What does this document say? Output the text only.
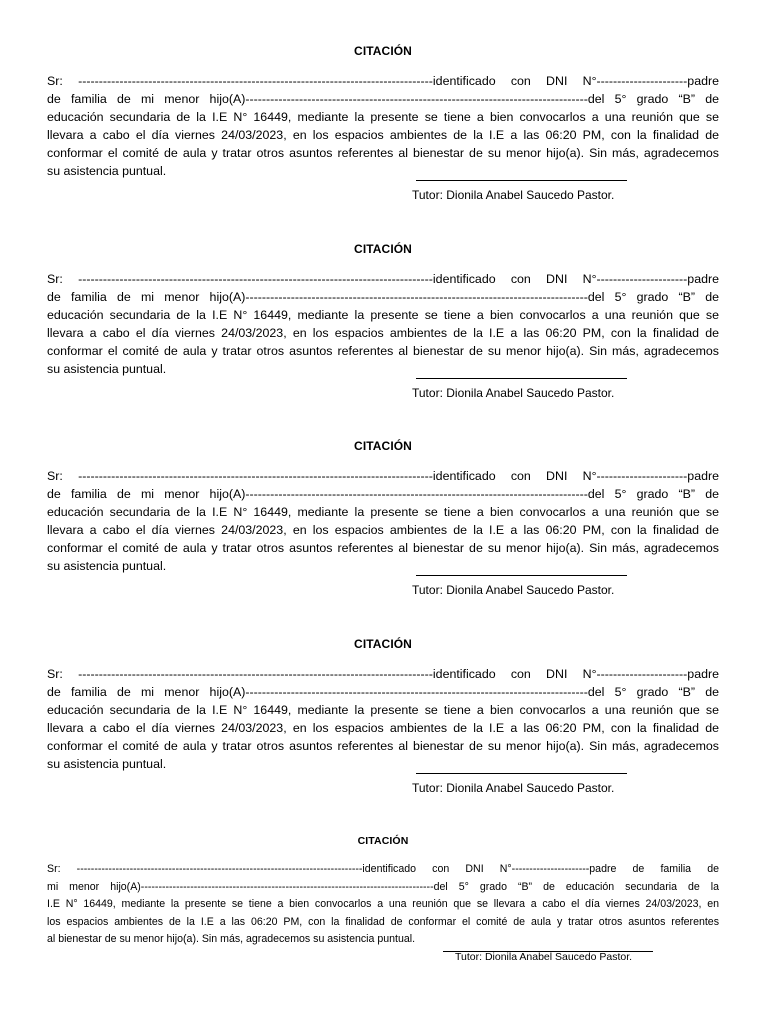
CITACIÓN

Sr: --------------------------------------------------------------------------------------identificado con DNI N°----------------------padre

de familia de mi menor hijo(A)-----------------------------------------------------------------------------------del 5° grado “B” de

educación secundaria de la I.E N° 16449, mediante la presente se tiene a bien convocarlos a una reunión que se

llevara a cabo el día viernes 24/03/2023, en los espacios ambientes de la I.E a las 06:20 PM, con la finalidad de

conformar el comité de aula y tratar otros asuntos referentes al bienestar de su menor hijo(a). Sin más, agradecemos

su asistencia puntual.

Tutor: Dionila Anabel Saucedo Pastor.
CITACIÓN

Sr: --------------------------------------------------------------------------------------identificado con DNI N°----------------------padre

de familia de mi menor hijo(A)-----------------------------------------------------------------------------------del 5° grado “B” de

educación secundaria de la I.E N° 16449, mediante la presente se tiene a bien convocarlos a una reunión que se

llevara a cabo el día viernes 24/03/2023, en los espacios ambientes de la I.E a las 06:20 PM, con la finalidad de

conformar el comité de aula y tratar otros asuntos referentes al bienestar de su menor hijo(a). Sin más, agradecemos

su asistencia puntual.

Tutor: Dionila Anabel Saucedo Pastor.
CITACIÓN

Sr: --------------------------------------------------------------------------------------identificado con DNI N°----------------------padre

de familia de mi menor hijo(A)-----------------------------------------------------------------------------------del 5° grado “B” de

educación secundaria de la I.E N° 16449, mediante la presente se tiene a bien convocarlos a una reunión que se

llevara a cabo el día viernes 24/03/2023, en los espacios ambientes de la I.E a las 06:20 PM, con la finalidad de

conformar el comité de aula y tratar otros asuntos referentes al bienestar de su menor hijo(a). Sin más, agradecemos

su asistencia puntual.

Tutor: Dionila Anabel Saucedo Pastor.
CITACIÓN

Sr: --------------------------------------------------------------------------------------identificado con DNI N°----------------------padre

de familia de mi menor hijo(A)-----------------------------------------------------------------------------------del 5° grado “B” de

educación secundaria de la I.E N° 16449, mediante la presente se tiene a bien convocarlos a una reunión que se

llevara a cabo el día viernes 24/03/2023, en los espacios ambientes de la I.E a las 06:20 PM, con la finalidad de

conformar el comité de aula y tratar otros asuntos referentes al bienestar de su menor hijo(a). Sin más, agradecemos

su asistencia puntual.

Tutor: Dionila Anabel Saucedo Pastor.
CITACIÓN

Sr: ---------------------------------------------------------------------------------identificado con DNI N°----------------------padre de familia de

mi menor hijo(A)-----------------------------------------------------------------------------------del 5° grado “B” de educación secundaria de la

I.E N° 16449, mediante la presente se tiene a bien convocarlos a una reunión que se llevara a cabo el día viernes 24/03/2023, en

los espacios ambientes de la I.E a las 06:20 PM, con la finalidad de conformar el comité de aula y tratar otros asuntos referentes

al bienestar de su menor hijo(a). Sin más, agradecemos su asistencia puntual.

Tutor: Dionila Anabel Saucedo Pastor.
